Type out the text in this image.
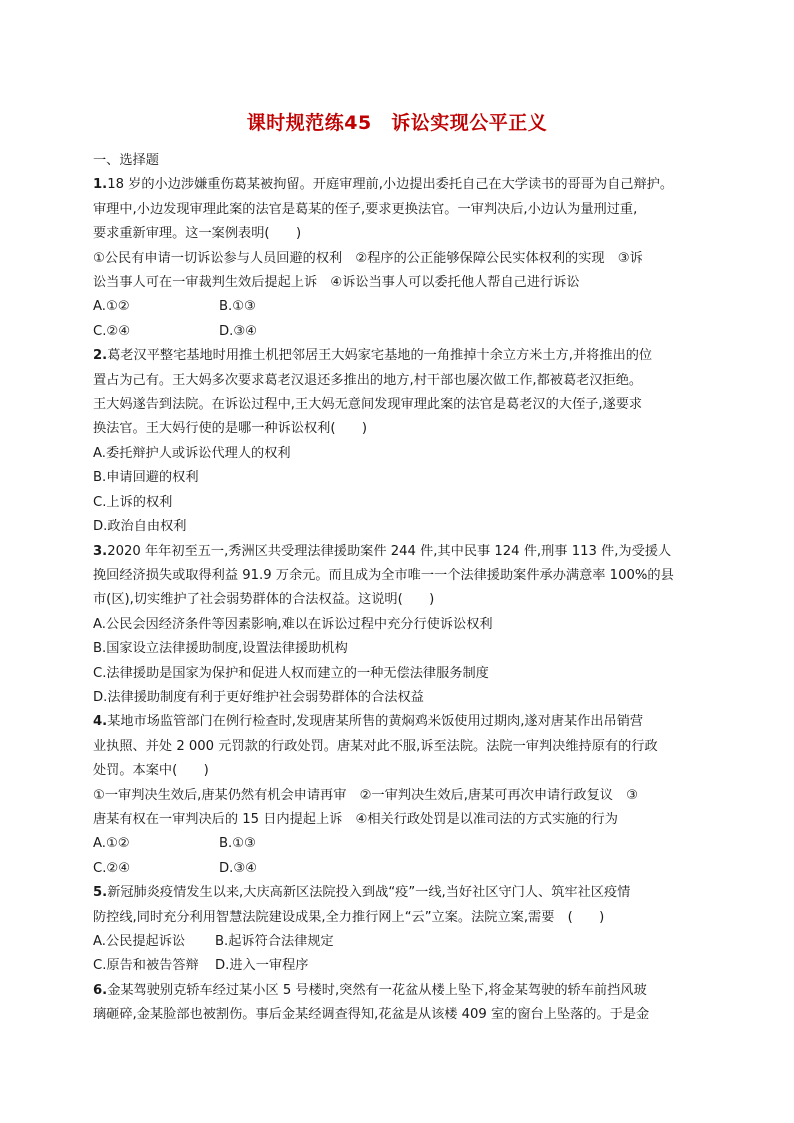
课时规范练45　诉讼实现公平正义
一、选择题
1.18 岁的小边涉嫌重伤葛某被拘留。开庭审理前,小边提出委托自己在大学读书的哥哥为自己辩护。
审理中,小边发现审理此案的法官是葛某的侄子,要求更换法官。一审判决后,小边认为量刑过重,
要求重新审理。这一案例表明(　　)
①公民有申请一切诉讼参与人员回避的权利　②程序的公正能够保障公民实体权利的实现　③诉
讼当事人可在一审裁判生效后提起上诉　④诉讼当事人可以委托他人帮自己进行诉讼
A.①②	B.①③
C.②④	D.③④
2.葛老汉平整宅基地时用推土机把邻居王大妈家宅基地的一角推掉十余立方米土方,并将推出的位
置占为己有。王大妈多次要求葛老汉退还多推出的地方,村干部也屡次做工作,都被葛老汉拒绝。
王大妈遂告到法院。在诉讼过程中,王大妈无意间发现审理此案的法官是葛老汉的大侄子,遂要求
换法官。王大妈行使的是哪一种诉讼权利(　　)
A.委托辩护人或诉讼代理人的权利
B.申请回避的权利
C.上诉的权利
D.政治自由权利
3.2020 年年初至五一,秀洲区共受理法律援助案件 244 件,其中民事 124 件,刑事 113 件,为受援人
挽回经济损失或取得利益 91.9 万余元。而且成为全市唯一一个法律援助案件承办满意率 100%的县
市(区),切实维护了社会弱势群体的合法权益。这说明(　　)
A.公民会因经济条件等因素影响,难以在诉讼过程中充分行使诉讼权利
B.国家设立法律援助制度,设置法律援助机构
C.法律援助是国家为保护和促进人权而建立的一种无偿法律服务制度
D.法律援助制度有利于更好维护社会弱势群体的合法权益
4.某地市场监管部门在例行检查时,发现唐某所售的黄焖鸡米饭使用过期肉,遂对唐某作出吊销营
业执照、并处 2 000 元罚款的行政处罚。唐某对此不服,诉至法院。法院一审判决维持原有的行政
处罚。本案中(　　)
①一审判决生效后,唐某仍然有机会申请再审　②一审判决生效后,唐某可再次申请行政复议　③
唐某有权在一审判决后的 15 日内提起上诉　④相关行政处罚是以准司法的方式实施的行为
A.①②	B.①③
C.②④	D.③④
5.新冠肺炎疫情发生以来,大庆高新区法院投入到战“疫”一线,当好社区守门人、筑牢社区疫情
防控线,同时充分利用智慧法院建设成果,全力推行网上“云”立案。法院立案,需要　(　　)
A.公民提起诉讼	B.起诉符合法律规定
C.原告和被告答辩	D.进入一审程序
6.金某驾驶别克轿车经过某小区 5 号楼时,突然有一花盆从楼上坠下,将金某驾驶的轿车前挡风玻
璃砸碎,金某脸部也被割伤。事后金某经调查得知,花盆是从该楼 409 室的窗台上坠落的。于是金
